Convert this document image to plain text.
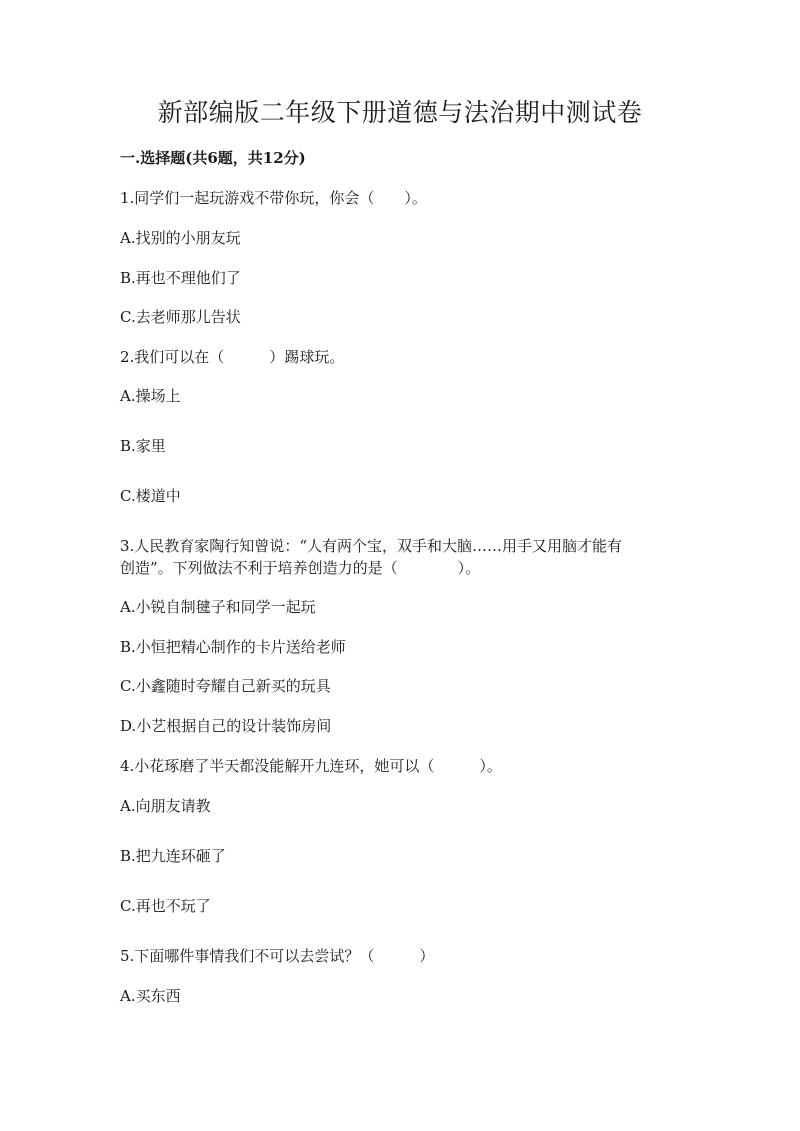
新部编版二年级下册道德与法治期中测试卷

一.选择题(共6题，共12分)

1.同学们一起玩游戏不带你玩，你会（　　）。

A.找别的小朋友玩

B.再也不理他们了

C.去老师那儿告状

2.我们可以在（　　　）踢球玩。

A.操场上

B.家里

C.楼道中

3.人民教育家陶行知曾说：“人有两个宝，双手和大脑……用手又用脑才能有

创造”。下列做法不利于培养创造力的是（　　　　）。

A.小锐自制毽子和同学一起玩

B.小恒把精心制作的卡片送给老师

C.小鑫随时夸耀自己新买的玩具

D.小艺根据自己的设计装饰房间

4.小花琢磨了半天都没能解开九连环，她可以（　　　）。

A.向朋友请教

B.把九连环砸了

C.再也不玩了

5.下面哪件事情我们不可以去尝试？（　　　）

A.买东西
